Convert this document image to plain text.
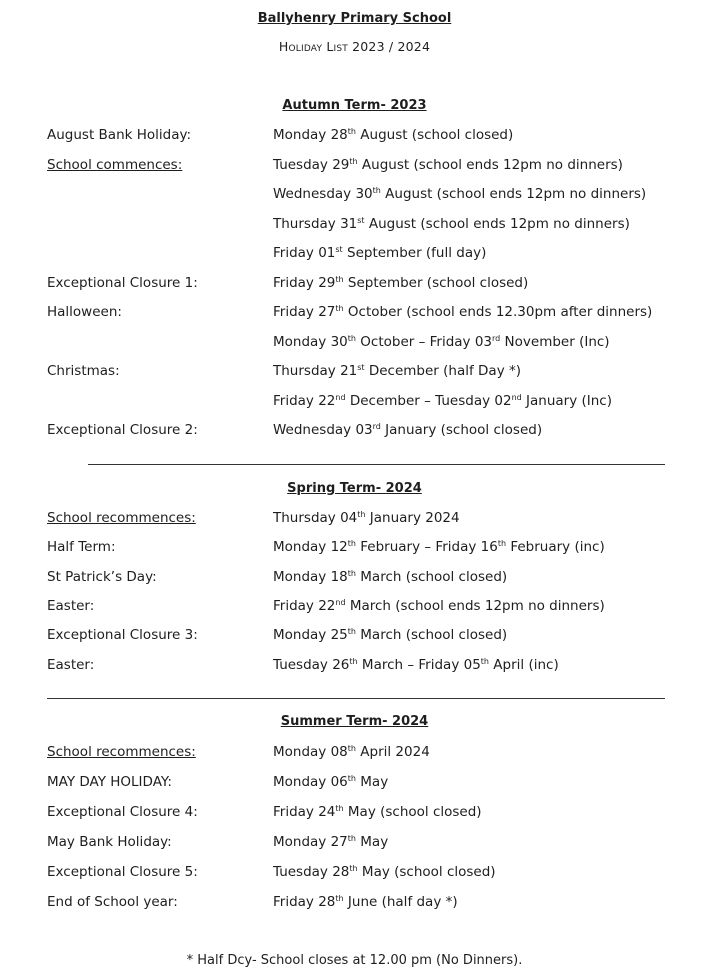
Ballyhenry Primary School
Holiday List 2023 / 2024
Autumn Term- 2023
August Bank Holiday:	Monday 28th August (school closed)
School commences:	Tuesday 29th August (school ends 12pm no dinners)
Wednesday 30th August (school ends 12pm no dinners)
Thursday 31st August (school ends 12pm no dinners)
Friday 01st September (full day)
Exceptional Closure 1:	Friday 29th September (school closed)
Halloween:	Friday 27th October (school ends 12.30pm after dinners)
Monday 30th October – Friday 03rd November (Inc)
Christmas:	Thursday 21st December (half Day *)
Friday 22nd December – Tuesday 02nd January (Inc)
Exceptional Closure 2:	Wednesday 03rd January (school closed)
Spring Term- 2024
School recommences:	Thursday 04th January 2024
Half Term:	Monday 12th February – Friday 16th February (inc)
St Patrick’s Day:	Monday 18th March (school closed)
Easter:	Friday 22nd March (school ends 12pm no dinners)
Exceptional Closure 3:	Monday 25th March (school closed)
Easter:	Tuesday 26th March – Friday 05th April (inc)
Summer Term- 2024
School recommences:	Monday 08th April 2024
MAY DAY HOLIDAY:	Monday 06th May
Exceptional Closure 4:	Friday 24th May (school closed)
May Bank Holiday:	Monday 27th May
Exceptional Closure 5:	Tuesday 28th May (school closed)
End of School year:	Friday 28th June (half day *)
* Half Dcy- School closes at 12.00 pm (No Dinners).
